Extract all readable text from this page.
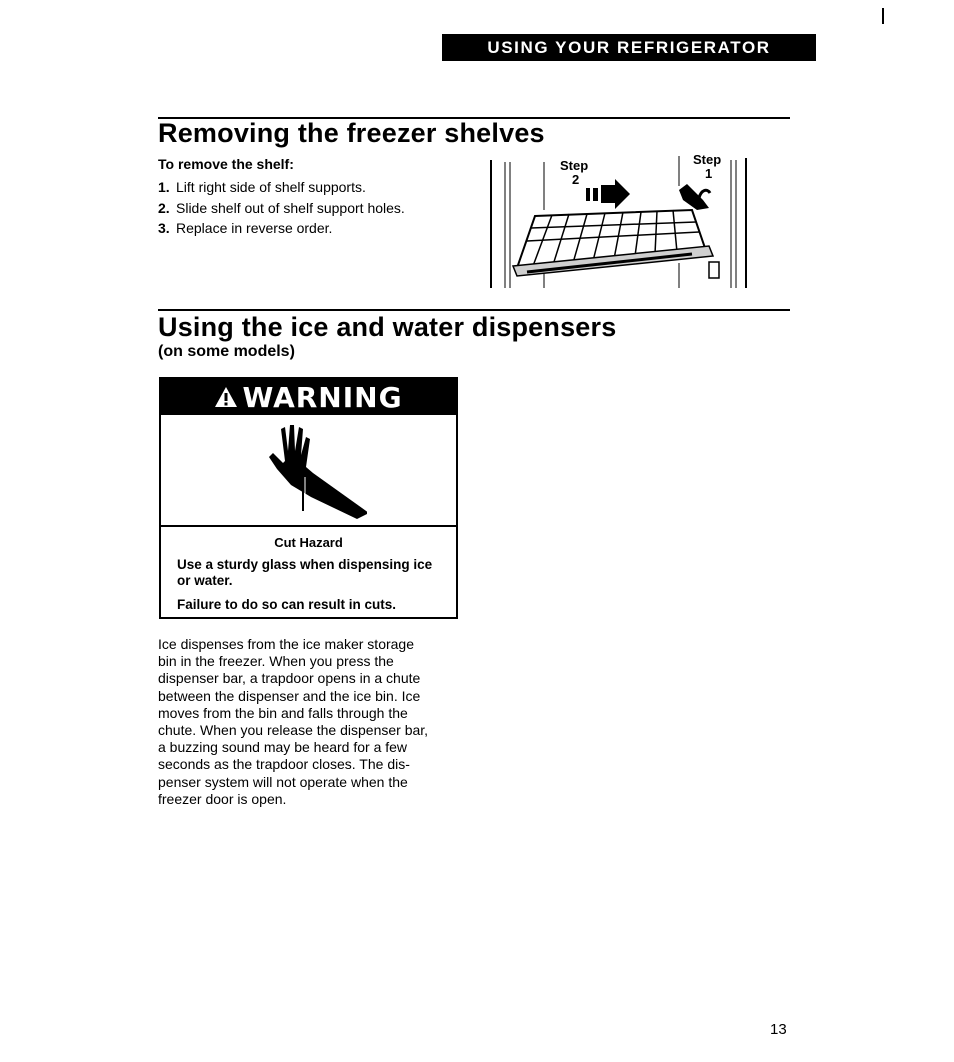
USING YOUR REFRIGERATOR
Removing the freezer shelves
To remove the shelf:
1. Lift right side of shelf supports.
2. Slide shelf out of shelf support holes.
3. Replace in reverse order.
Step
2
Step
1
Using the ice and water dispensers
(on some models)
WARNING
Cut Hazard
Use a sturdy glass when dispensing ice or water.
Failure to do so can result in cuts.
Ice dispenses from the ice maker storage
bin in the freezer. When you press the
dispenser bar, a trapdoor opens in a chute
between the dispenser and the ice bin. Ice
moves from the bin and falls through the
chute. When you release the dispenser bar,
a buzzing sound may be heard for a few
seconds as the trapdoor closes. The dis-
penser system will not operate when the
freezer door is open.
13
